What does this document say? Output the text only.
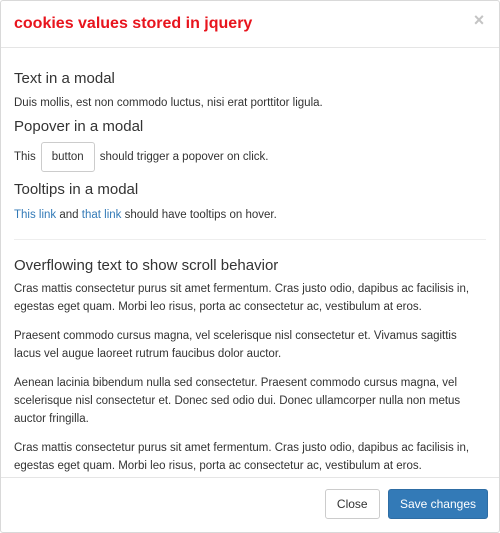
cookies values stored in jquery	×
Text in a modal

Duis mollis, est non commodo luctus, nisi erat porttitor ligula.

Popover in a modal

This	button	should trigger a popover on click.

Tooltips in a modal

This link and that link should have tooltips on hover.

Overflowing text to show scroll behavior

Cras mattis consectetur purus sit amet fermentum. Cras justo odio, dapibus ac facilisis in, egestas eget quam. Morbi leo risus, porta ac consectetur ac, vestibulum at eros.

Praesent commodo cursus magna, vel scelerisque nisl consectetur et. Vivamus sagittis lacus vel augue laoreet rutrum faucibus dolor auctor.

Aenean lacinia bibendum nulla sed consectetur. Praesent commodo cursus magna, vel scelerisque nisl consectetur et. Donec sed odio dui. Donec ullamcorper nulla non metus auctor fringilla.

Cras mattis consectetur purus sit amet fermentum. Cras justo odio, dapibus ac facilisis in, egestas eget quam. Morbi leo risus, porta ac consectetur ac, vestibulum at eros.

Close	Save changes
